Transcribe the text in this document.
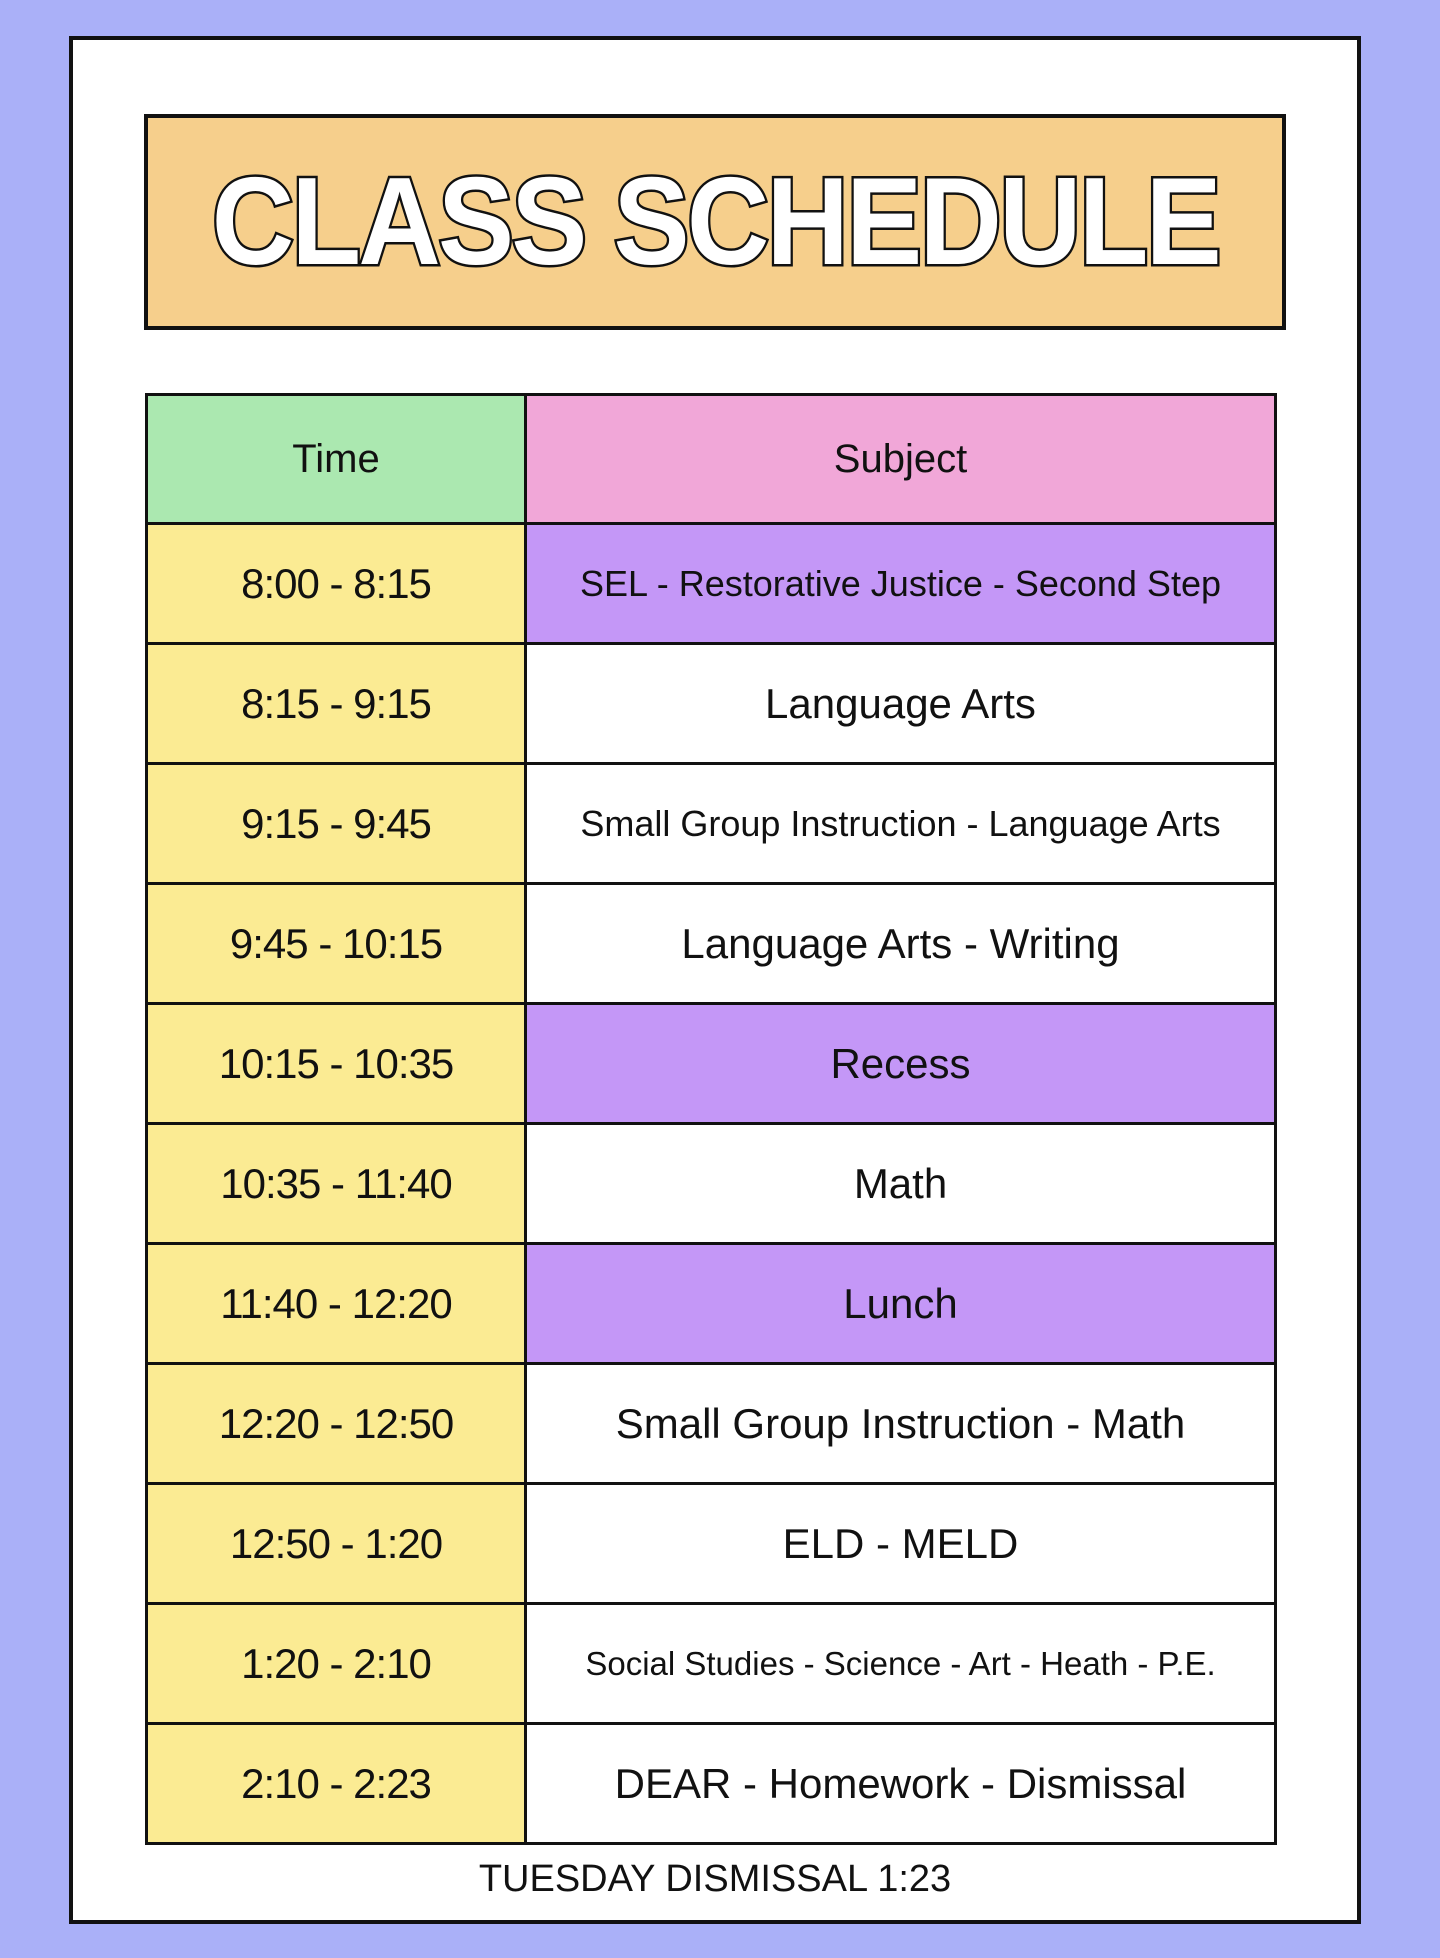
CLASS SCHEDULE
Time	Subject
8:00 - 8:15	SEL - Restorative Justice - Second Step
8:15 - 9:15	Language Arts
9:15 - 9:45	Small Group Instruction - Language Arts
9:45 - 10:15	Language Arts - Writing
10:15 - 10:35	Recess
10:35 - 11:40	Math
11:40 - 12:20	Lunch
12:20 - 12:50	Small Group Instruction - Math
12:50 - 1:20	ELD - MELD
1:20 - 2:10	Social Studies - Science - Art - Heath - P.E.
2:10 - 2:23	DEAR - Homework - Dismissal
TUESDAY DISMISSAL 1:23
